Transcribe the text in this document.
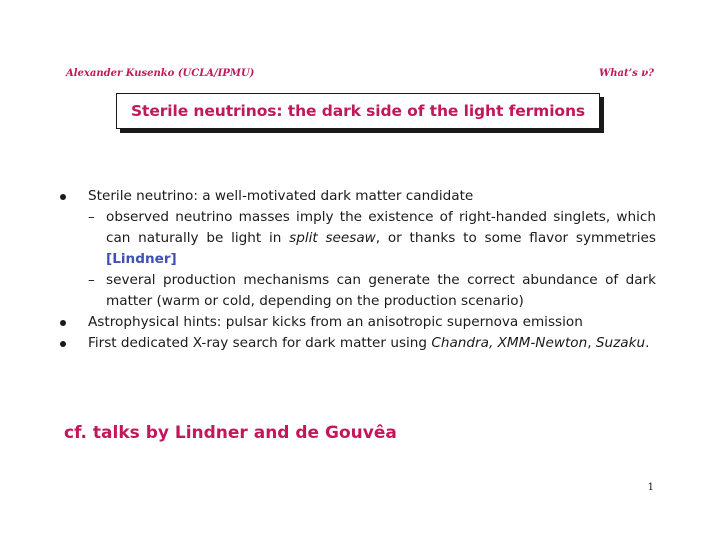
Alexander Kusenko (UCLA/IPMU)	What’s ν?
Sterile neutrinos: the dark side of the light fermions
Sterile neutrino: a well-motivated dark matter candidate
– observed neutrino masses imply the existence of right-handed singlets, which can naturally be light in split seesaw, or thanks to some flavor symmetries [Lindner]
– several production mechanisms can generate the correct abundance of dark matter (warm or cold, depending on the production scenario)
Astrophysical hints: pulsar kicks from an anisotropic supernova emission
First dedicated X-ray search for dark matter using Chandra, XMM-Newton, Suzaku.
cf. talks by Lindner and de Gouvêa
1
